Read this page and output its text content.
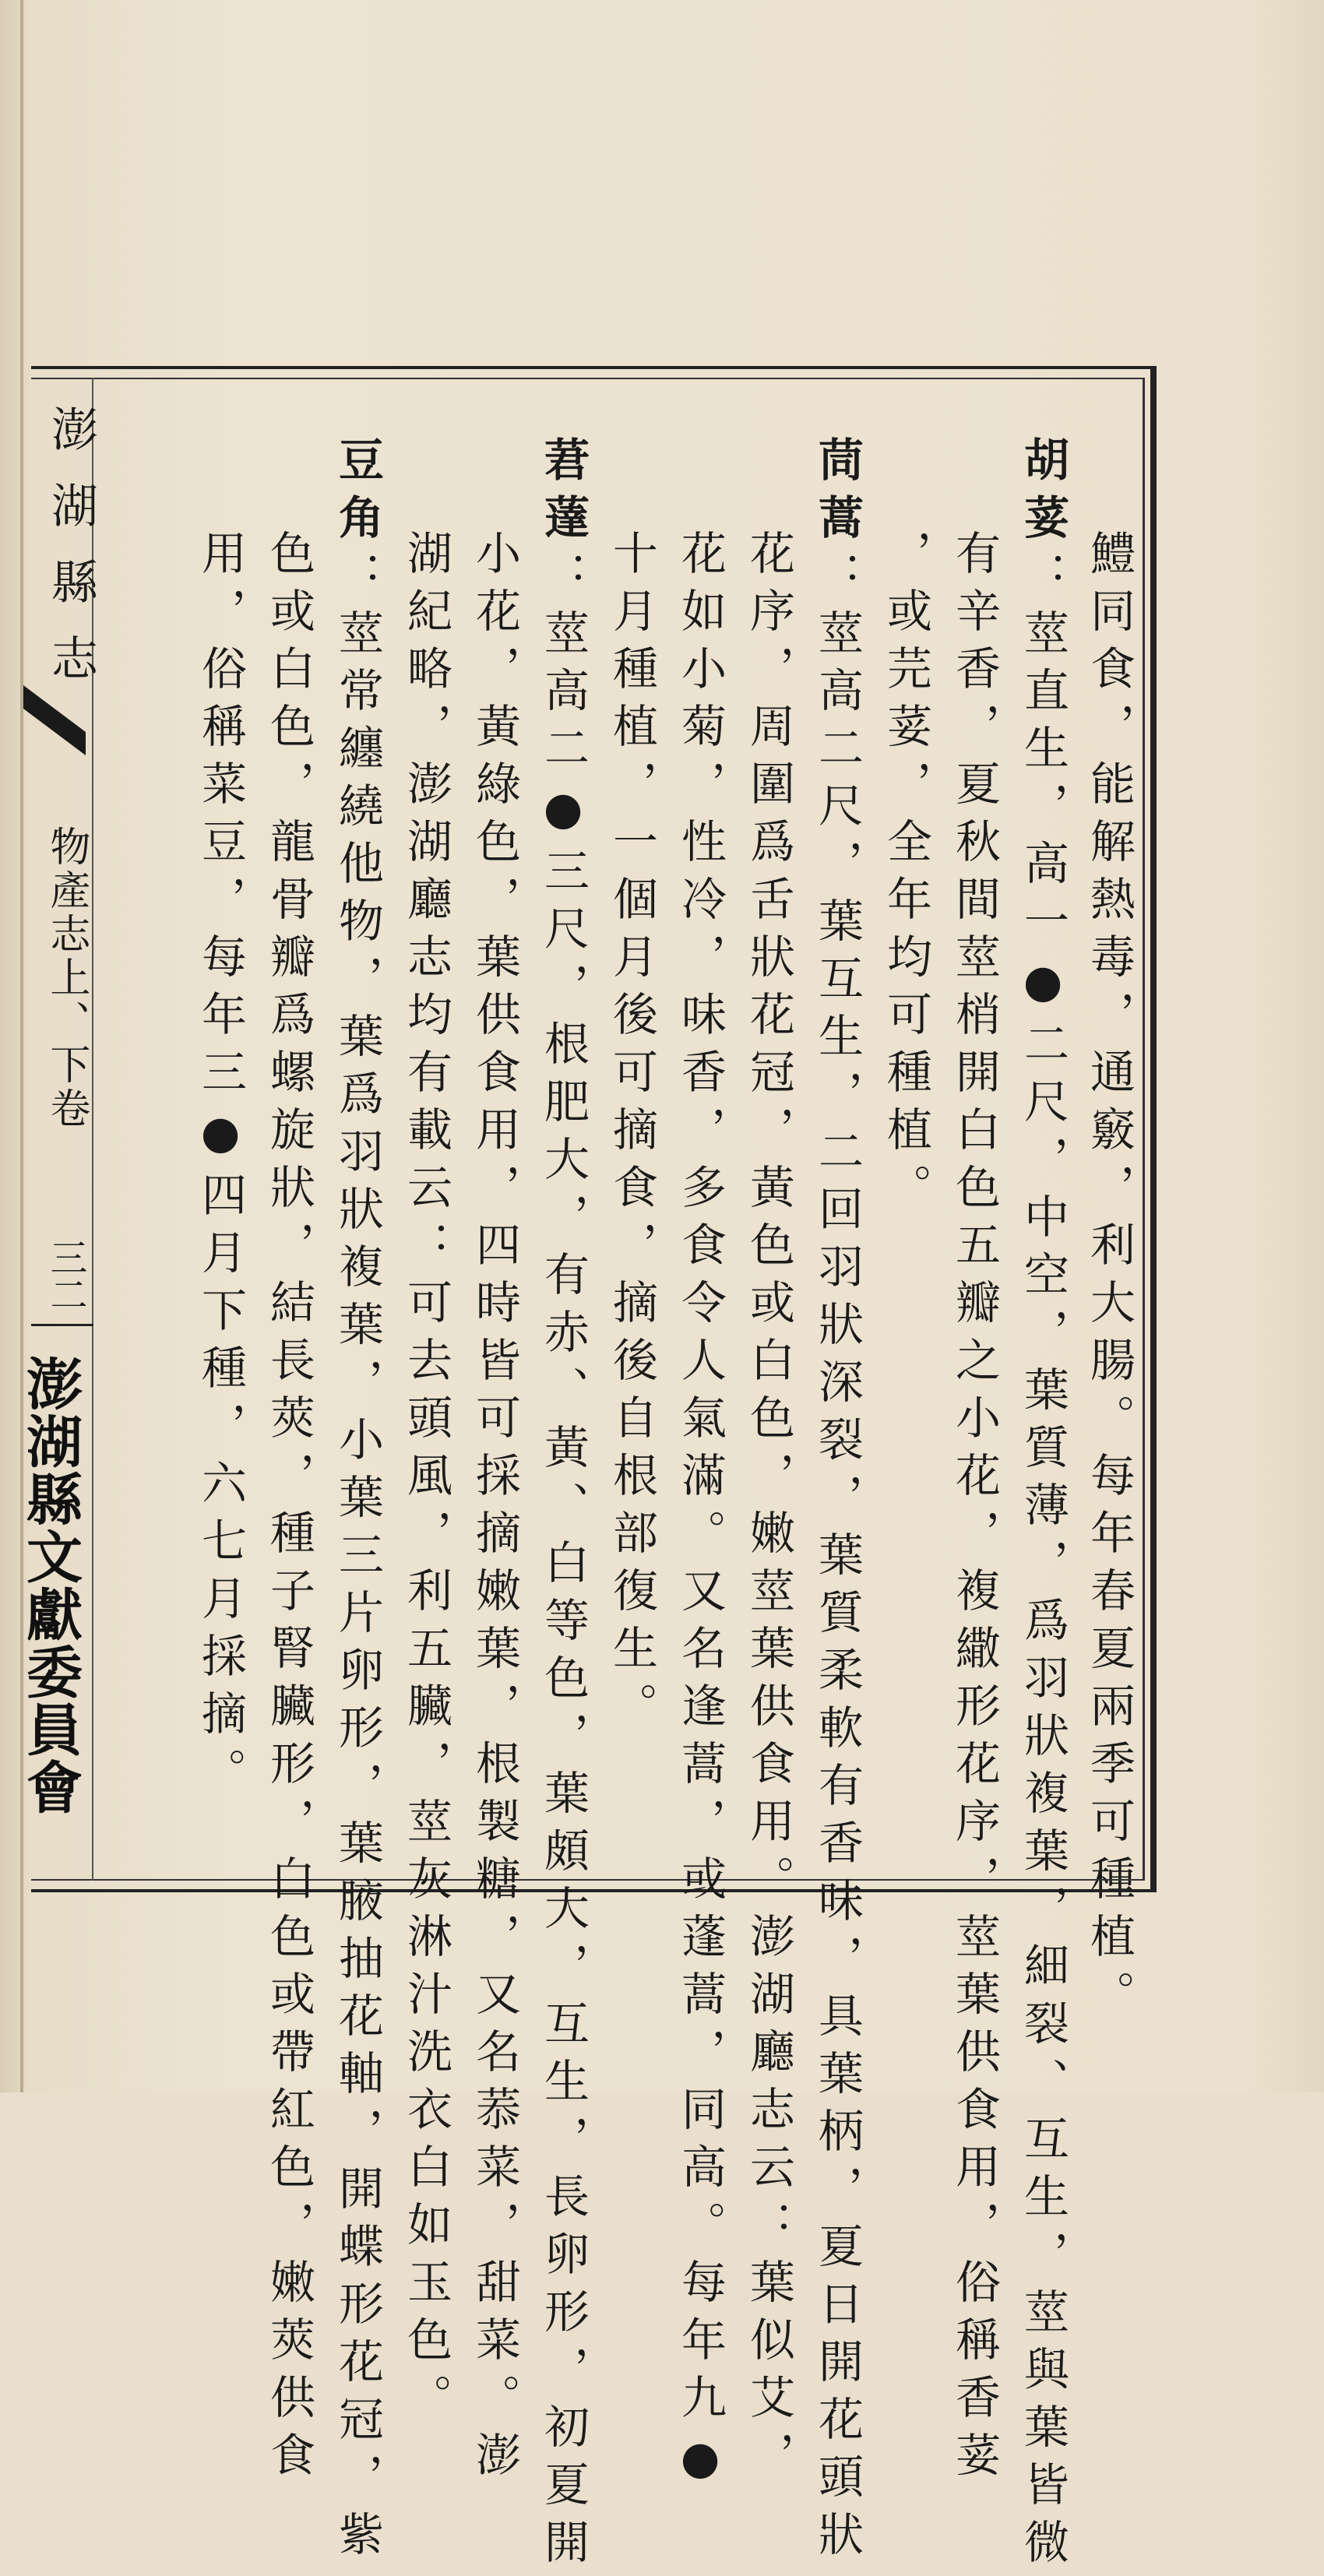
鱧同食，能解熱毒，通竅，利大腸。每年春夏兩季可種植。
胡荽：莖直生，高一●二尺，中空，葉質薄，爲羽狀複葉，細裂、互生，莖與葉皆微
有辛香，夏秋間莖梢開白色五瓣之小花，複繖形花序，莖葉供食用，俗稱香荽
，或芫荽，全年均可種植。
茼蒿：莖高二尺，葉互生，二回羽狀深裂，葉質柔軟有香味，具葉柄，夏日開花頭狀
花序，周圍爲舌狀花冠，黃色或白色，嫩莖葉供食用。澎湖廳志云：葉似艾，
花如小菊，性冷，味香，多食令人氣滿。又名逢蒿，或蓬蒿，同高。每年九●
十月種植，一個月後可摘食，摘後自根部復生。
莙薘：莖高二●三尺，根肥大，有赤、黃、白等色，葉頗大，互生，長卵形，初夏開
小花，黃綠色，葉供食用，四時皆可採摘嫩葉，根製糖，又名菾菜，甜菜。澎
湖紀略，澎湖廳志均有載云：可去頭風，利五臟，莖灰淋汁洗衣白如玉色。
豆角：莖常纏繞他物，葉爲羽狀複葉，小葉三片卵形，葉腋抽花軸，開蝶形花冠，紫
色或白色，龍骨瓣爲螺旋狀，結長莢，種子腎臟形，白色或帶紅色，嫩莢供食
用，俗稱菜豆，每年三●四月下種，六七月採摘。
澎湖縣志
物產志上、下卷
三二
澎湖縣文獻委員會
